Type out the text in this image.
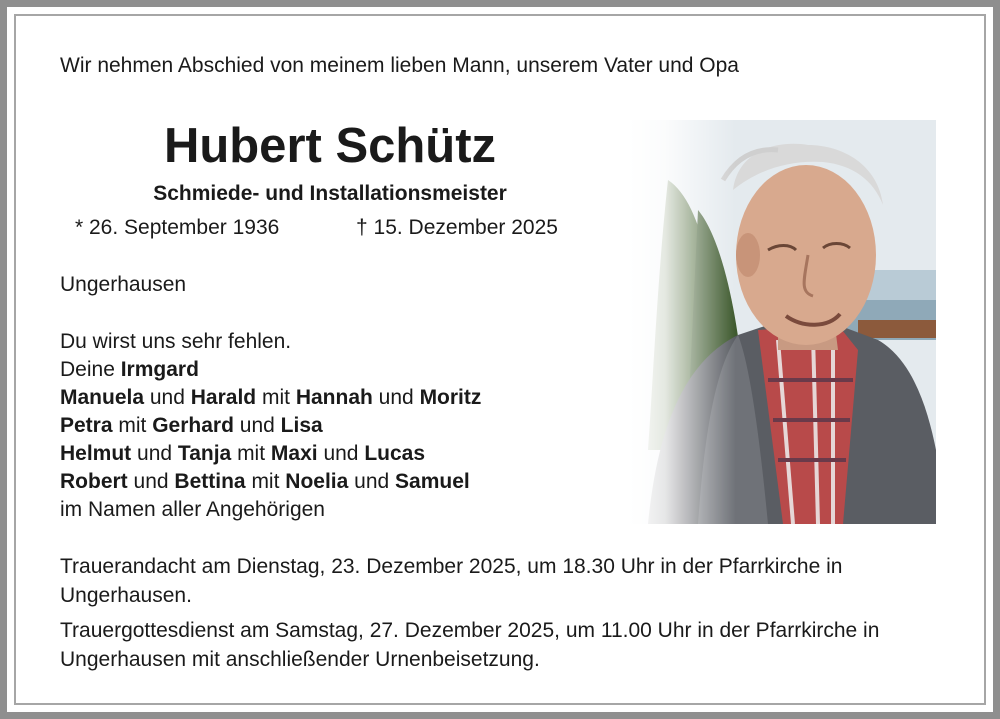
Wir nehmen Abschied von meinem lieben Mann, unserem Vater und Opa
Hubert Schütz
Schmiede- und Installationsmeister
* 26. September 1936	† 15. Dezember 2025
Ungerhausen
Du wirst uns sehr fehlen.
Deine Irmgard
Manuela und Harald mit Hannah und Moritz
Petra mit Gerhard und Lisa
Helmut und Tanja mit Maxi und Lucas
Robert und Bettina mit Noelia und Samuel
im Namen aller Angehörigen
Trauerandacht am Dienstag, 23. Dezember 2025, um 18.30 Uhr in der Pfarrkirche in Ungerhausen.
Trauergottesdienst am Samstag, 27. Dezember 2025, um 11.00 Uhr in der Pfarrkirche in Ungerhausen mit anschließender Urnenbeisetzung.
